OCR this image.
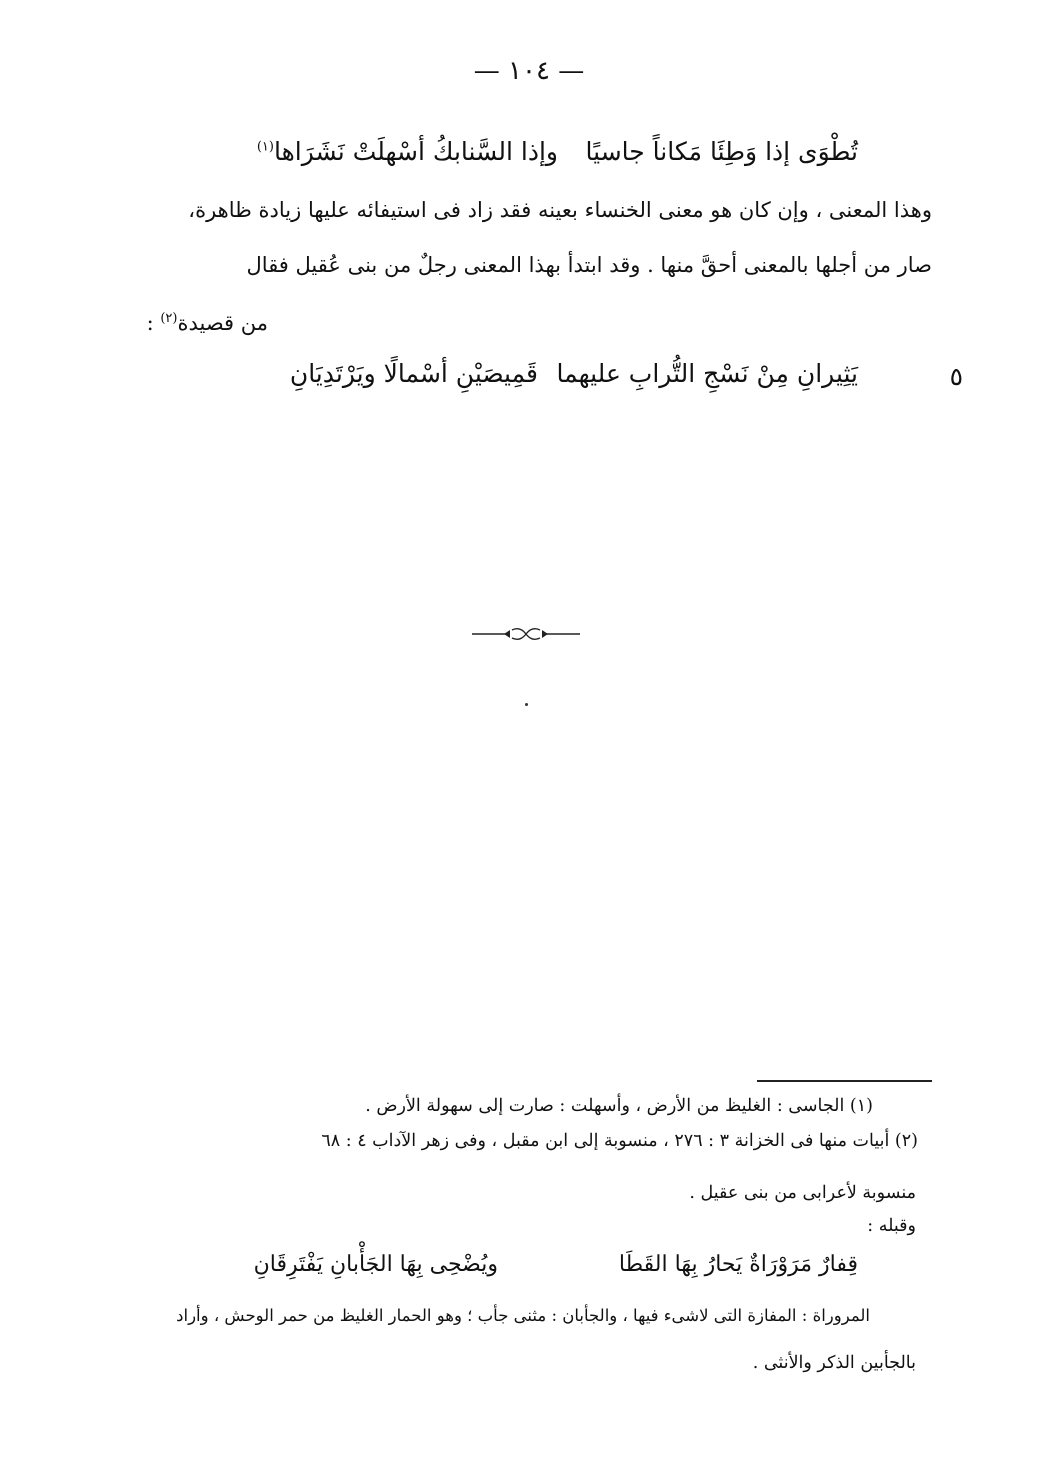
— ١٠٤ —
تُطْوَى إذا وَطِئَا مَكاناً جاسيًا
وإذا السَّنابكُ أسْهلَتْ نَشَرَاها$^{(١)}$
وهذا المعنى ، وإن كان هو معنى الخنساء بعينه فقد زاد فى استيفائه عليها زيادة ظاهرة،
صار من أجلها بالمعنى أحقَّ منها . وقد ابتدأ بهذا المعنى رجلٌ من بنى عُقيل فقال
من قصيدة$^{(٢)}$ :
٥
يَثِيرانِ مِنْ نَسْجِ التُّرابِ عليهما
قَمِيصَيْنِ أسْمالًا ويَرْتَدِيَانِ
(١) الجاسى : الغليظ من الأرض ، وأسهلت : صارت إلى سهولة الأرض .
(٢) أبيات منها فى الخزانة ٣ : ٢٧٦ ، منسوبة إلى ابن مقبل ، وفى زهر الآداب ٤ : ٦٨
منسوبة لأعرابى من بنى عقيل .
وقبله :
قِفارٌ مَرَوْرَاةٌ يَحارُ بِهَا القَطَا
ويُضْحِى بِهَا الجَأْبانِ يَفْتَرِقَانِ
المروراة : المفازة التى لاشىء فيها ، والجأبان : مثنى جأب ؛ وهو الحمار الغليظ من حمر الوحش ، وأراد
بالجأبين الذكر والأنثى .
